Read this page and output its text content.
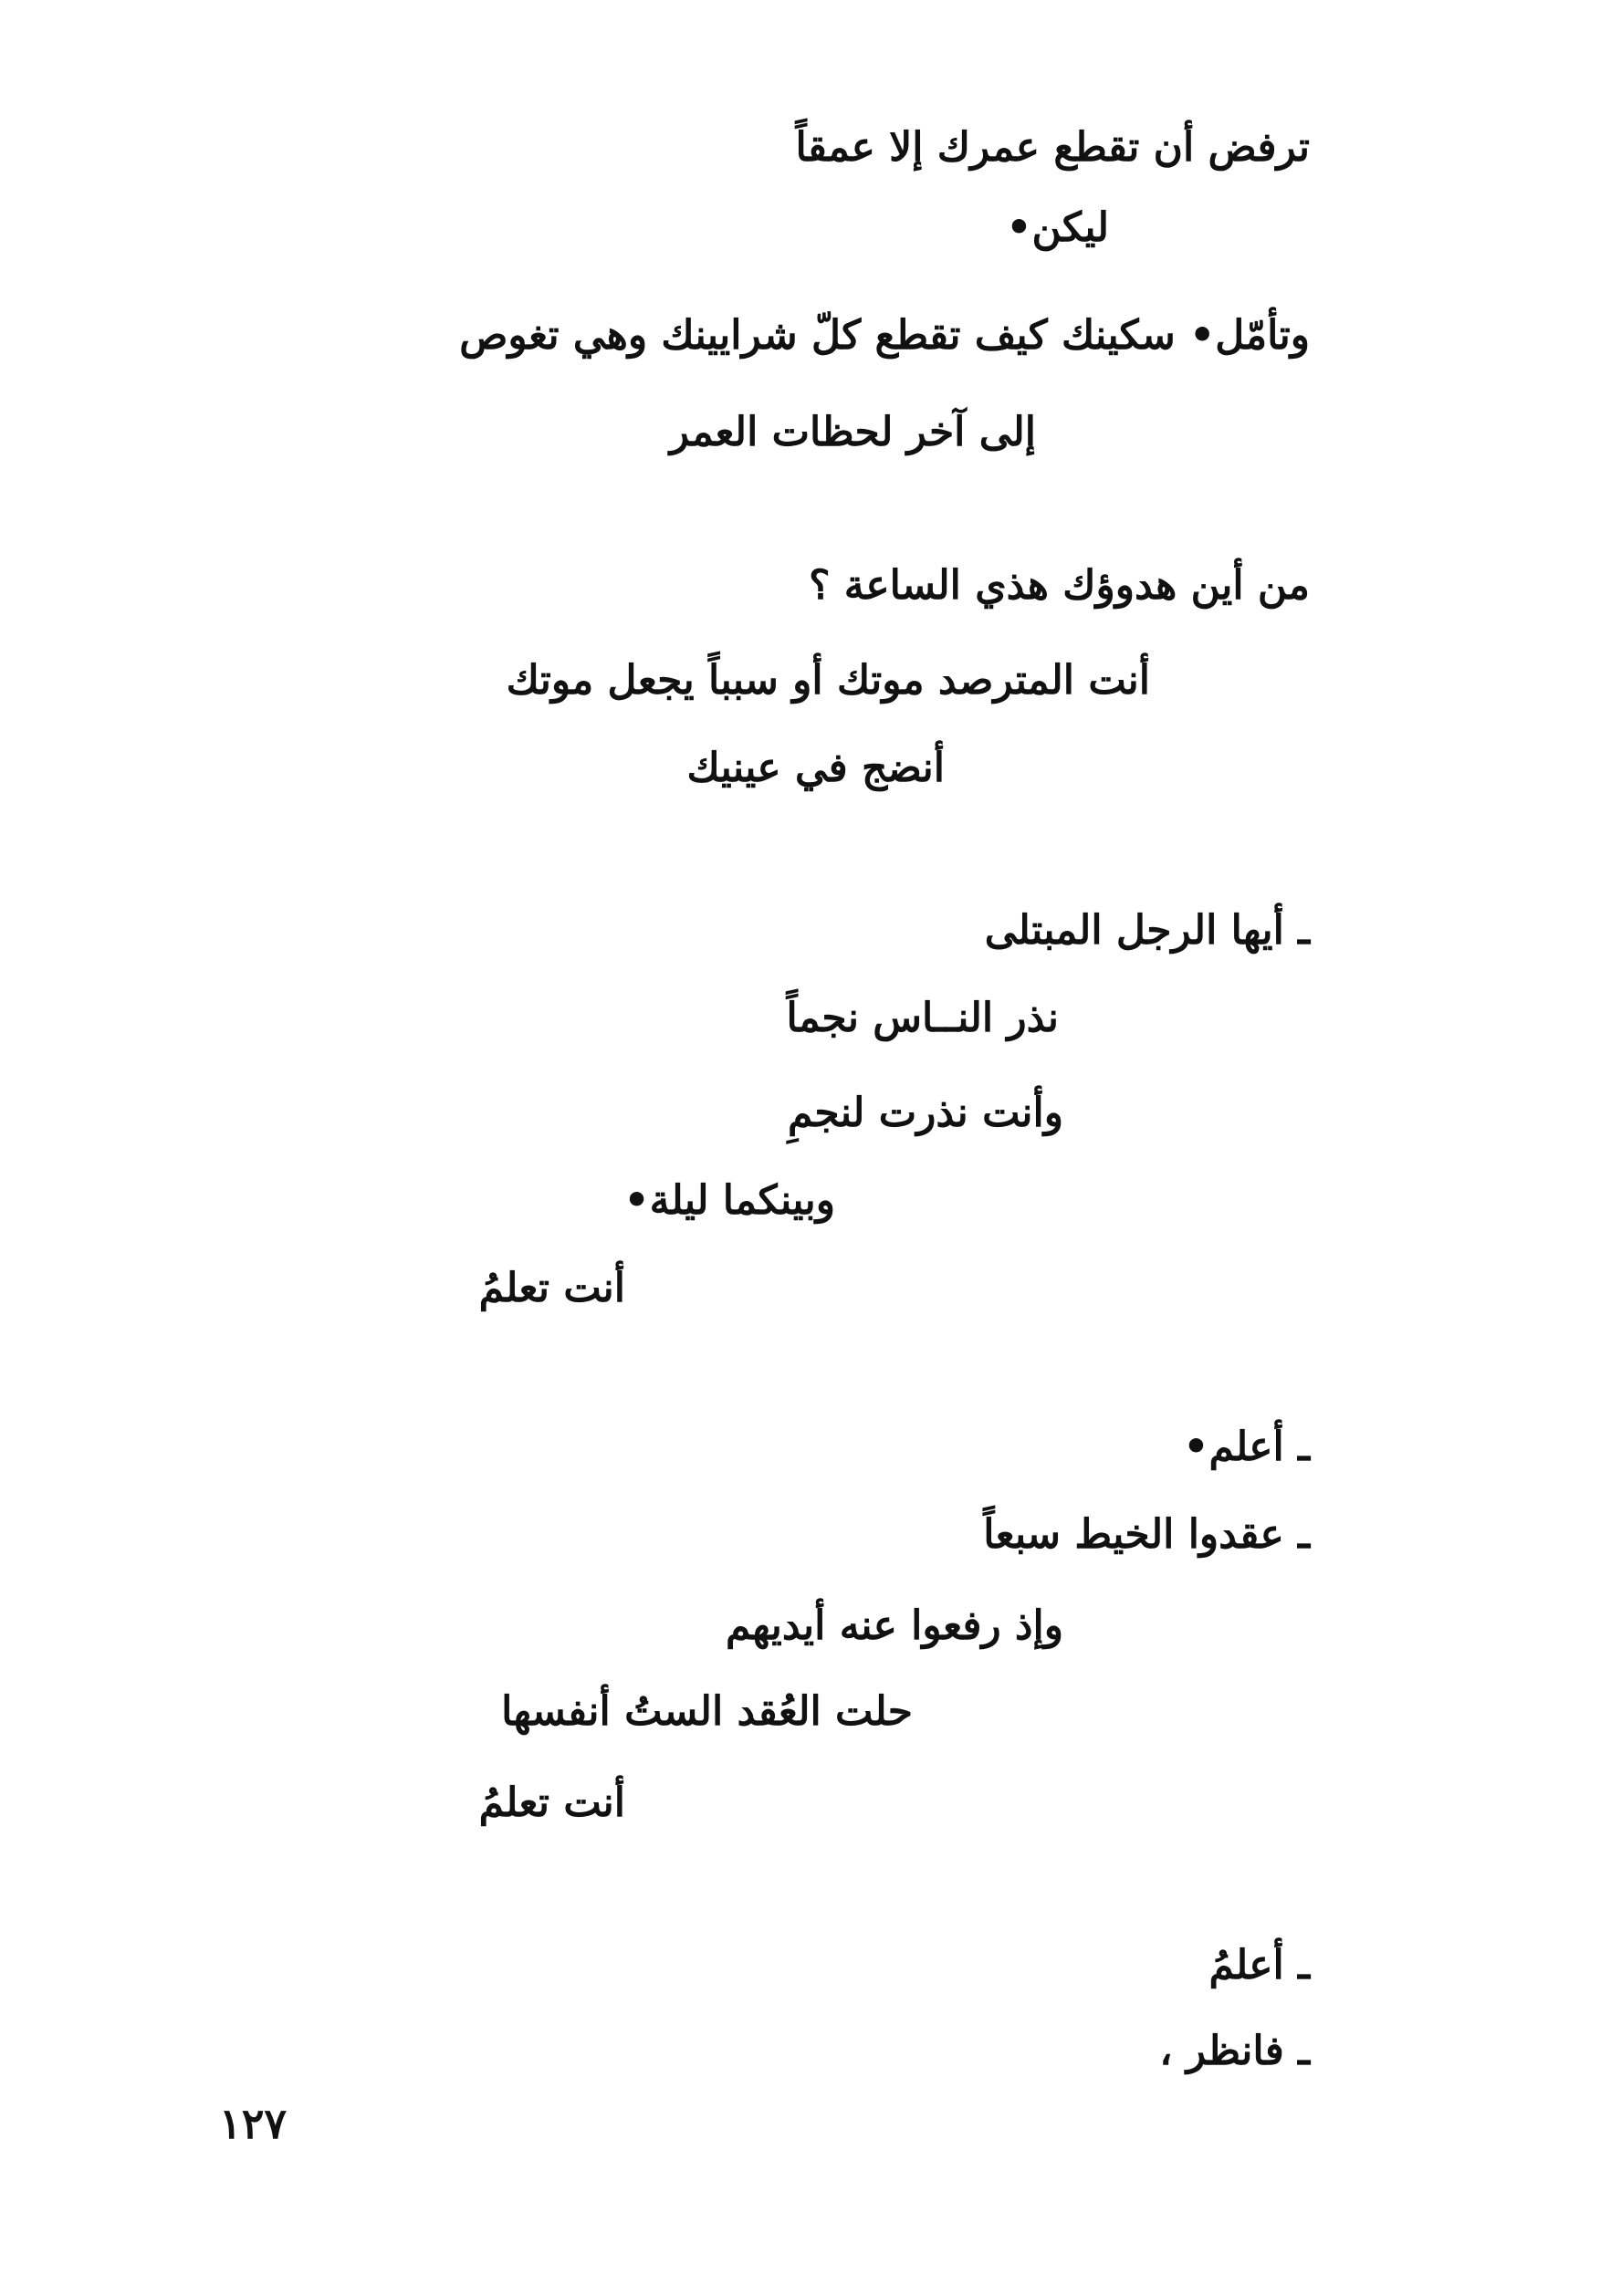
ترفض أن تقطع عمرك إلا عمقاً
ليكن•
وتأمّل• سكينك كيف تقطع كلّ شرايينك وهي تغوص
إلى آخر لحظات العمر
من أين هدوؤك هذي الساعة ؟
أنت المترصد موتك أو سبباً يجعل موتك
أنضج في عينيك
ـ أيها الرجل المبتلى
نذر النــاس نجماً
وأنت نذرت لنجمِ
وبينكما ليلة•
أنت تعلمُ
ـ أعلم•
ـ عقدوا الخيط سبعاً
وإذ رفعوا عنه أيديهم
حلت العُقد الستُ أنفسها
أنت تعلمُ
ـ أعلمُ
ـ فانظر ،
١٢٧
